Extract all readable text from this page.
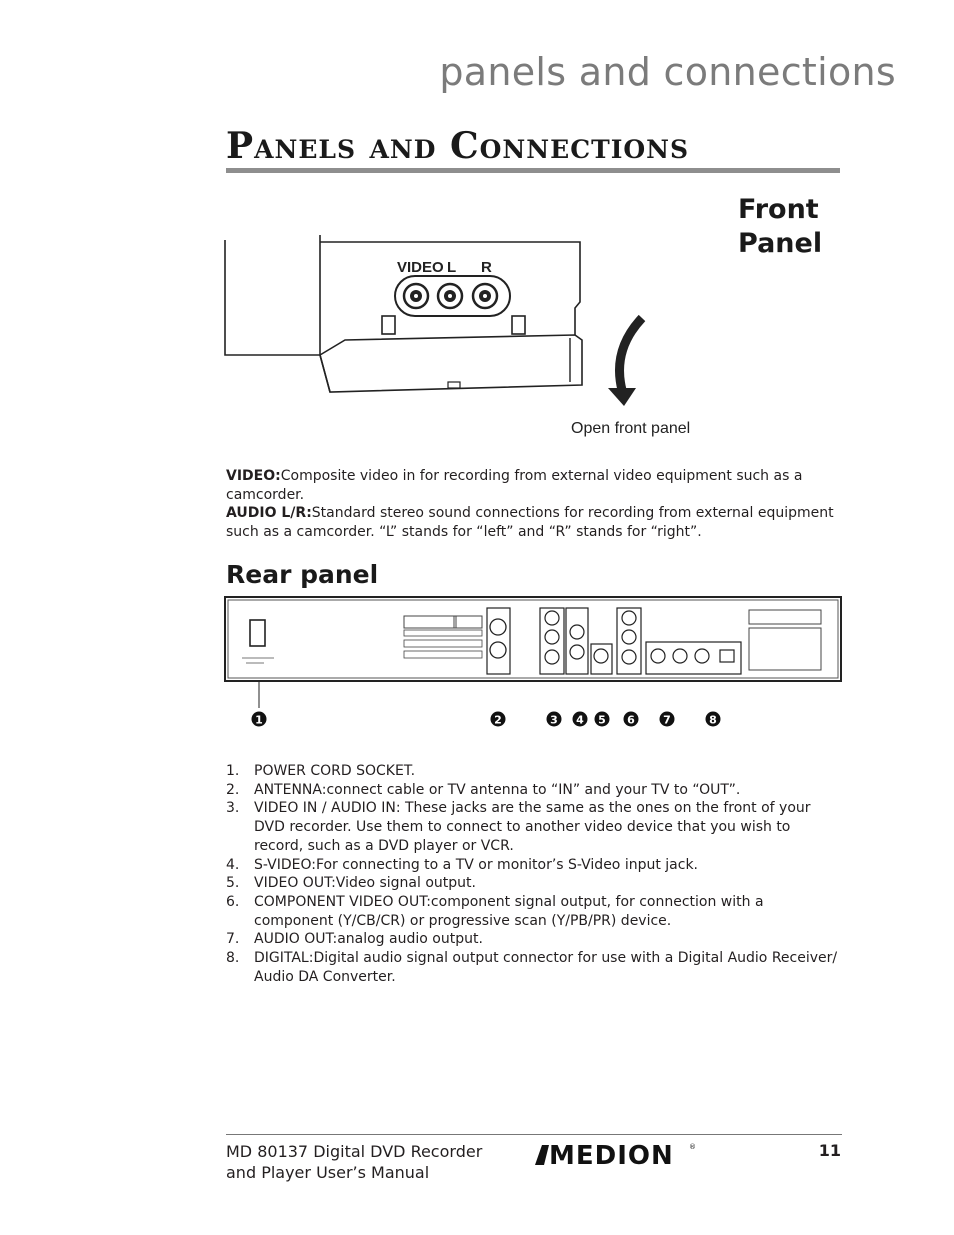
panels and connections
Panels and Connections
Front
Panel
VIDEO L R
Open front panel
VIDEO:Composite video in for recording from external video equipment such as a camcorder.
AUDIO L/R:Standard stereo sound connections for recording from external equipment such as a camcorder. “L” stands for “left” and “R” stands for “right”.
Rear panel
1	2	3 4 5 6	7	8
1. POWER CORD SOCKET.
2. ANTENNA:connect cable or TV antenna to “IN” and your TV to “OUT”.
3. VIDEO IN / AUDIO IN: These jacks are the same as the ones on the front of your DVD recorder. Use them to connect to another video device that you wish to record, such as a DVD player or VCR.
4. S-VIDEO:For connecting to a TV or monitor’s S-Video input jack.
5. VIDEO OUT:Video signal output.
6. COMPONENT VIDEO OUT:component signal output, for connection with a component (Y/CB/CR) or progressive scan (Y/PB/PR) device.
7. AUDIO OUT:analog audio output.
8. DIGITAL:Digital audio signal output connector for use with a Digital Audio Receiver/ Audio DA Converter.
MD 80137 Digital DVD Recorder
and Player User’s Manual
MEDION ®	11
